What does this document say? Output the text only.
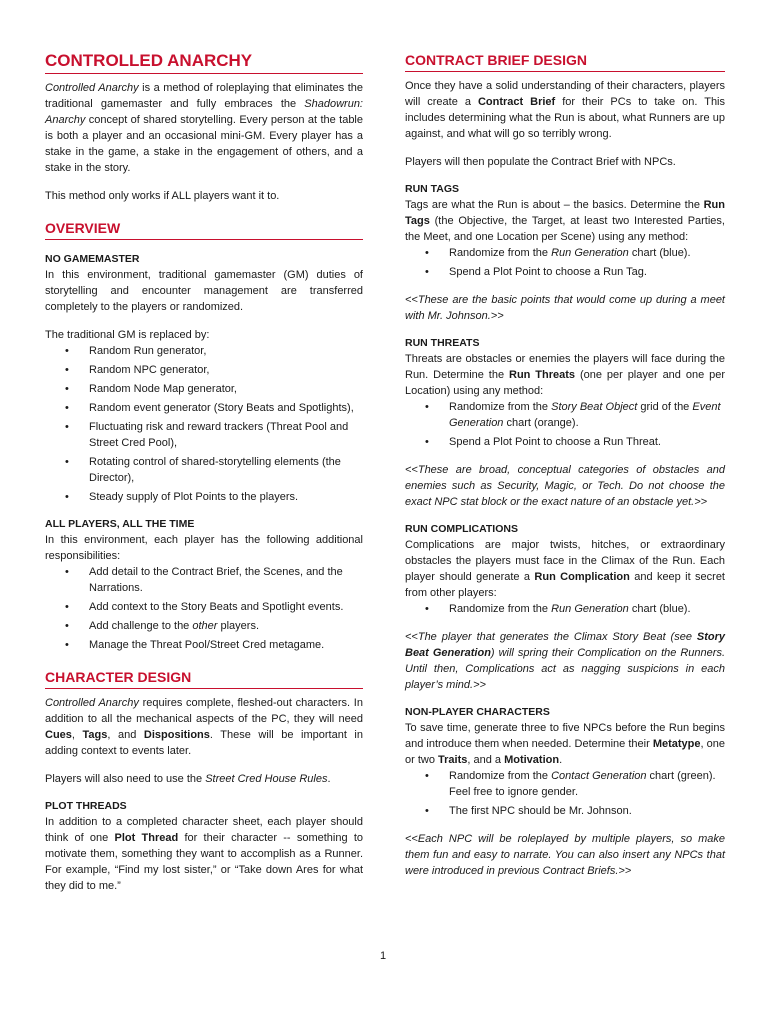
CONTROLLED ANARCHY

Controlled Anarchy is a method of roleplaying that eliminates the traditional gamemaster and fully embraces the Shadowrun: Anarchy concept of shared storytelling. Every person at the table is both a player and an occasional mini-GM. Every player has a stake in the game, a stake in the engagement of others, and a stake in the story.

This method only works if ALL players want it to.

OVERVIEW
NO GAMEMASTER

In this environment, traditional gamemaster (GM) duties of storytelling and encounter management are transferred completely to the players or randomized.

The traditional GM is replaced by:

• Random Run generator,
• Random NPC generator,
• Random Node Map generator,
• Random event generator (Story Beats and Spotlights),
• Fluctuating risk and reward trackers (Threat Pool and Street Cred Pool),
• Rotating control of shared-storytelling elements (the Director),
• Steady supply of Plot Points to the players.
ALL PLAYERS, ALL THE TIME

In this environment, each player has the following additional responsibilities:

• Add detail to the Contract Brief, the Scenes, and the Narrations.
• Add context to the Story Beats and Spotlight events.
• Add challenge to the other players.
• Manage the Threat Pool/Street Cred metagame.
CHARACTER DESIGN

Controlled Anarchy requires complete, fleshed-out characters. In addition to all the mechanical aspects of the PC, they will need Cues, Tags, and Dispositions. These will be important in adding context to events later.

Players will also need to use the Street Cred House Rules.

PLOT THREADS

In addition to a completed character sheet, each player should think of one Plot Thread for their character -- something to motivate them, something they want to accomplish as a Runner. For example, “Find my lost sister,” or “Take down Ares for what they did to me.”

CONTRACT BRIEF DESIGN

Once they have a solid understanding of their characters, players will create a Contract Brief for their PCs to take on. This includes determining what the Run is about, what Runners are up against, and what will go so terribly wrong.

Players will then populate the Contract Brief with NPCs.

RUN TAGS

Tags are what the Run is about – the basics. Determine the Run Tags (the Objective, the Target, at least two Interested Parties, the Meet, and one Location per Scene) using any method:

• Randomize from the Run Generation chart (blue).
• Spend a Plot Point to choose a Run Tag.

<<These are the basic points that would come up during a meet with Mr. Johnson.>>

RUN THREATS

Threats are obstacles or enemies the players will face during the Run. Determine the Run Threats (one per player and one per Location) using any method:

• Randomize from the Story Beat Object grid of the Event Generation chart (orange).
• Spend a Plot Point to choose a Run Threat.

<<These are broad, conceptual categories of obstacles and enemies such as Security, Magic, or Tech. Do not choose the exact NPC stat block or the exact nature of an obstacle yet.>>

RUN COMPLICATIONS

Complications are major twists, hitches, or extraordinary obstacles the players must face in the Climax of the Run. Each player should generate a Run Complication and keep it secret from other players:

• Randomize from the Run Generation chart (blue).

<<The player that generates the Climax Story Beat (see Story Beat Generation) will spring their Complication on the Runners. Until then, Complications act as nagging suspicions in each player’s mind.>>

NON-PLAYER CHARACTERS

To save time, generate three to five NPCs before the Run begins and introduce them when needed. Determine their Metatype, one or two Traits, and a Motivation.

• Randomize from the Contact Generation chart (green). Feel free to ignore gender.
• The first NPC should be Mr. Johnson.

<<Each NPC will be roleplayed by multiple players, so make them fun and easy to narrate. You can also insert any NPCs that were introduced in previous Contract Briefs.>>

1
